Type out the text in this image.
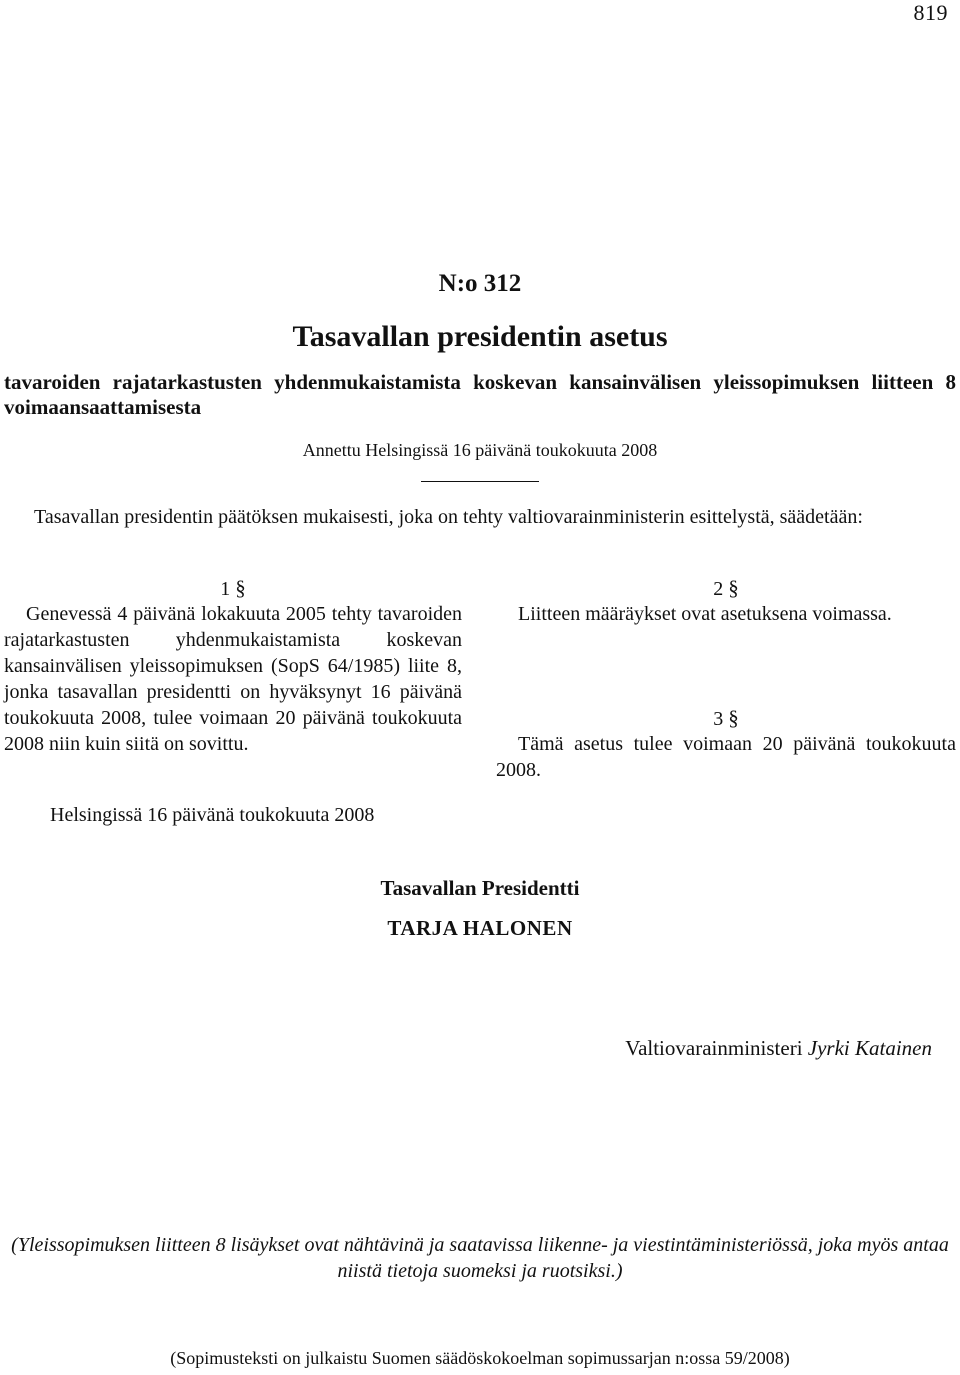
819
N:o 312
Tasavallan presidentin asetus
tavaroiden rajatarkastusten yhdenmukaistamista koskevan kansainvälisen yleissopimuksen liitteen 8 voimaansaattamisesta
Annettu Helsingissä 16 päivänä toukokuuta 2008
Tasavallan presidentin päätöksen mukaisesti, joka on tehty valtiovarainministerin esittelystä, säädetään:
1 §
Genevessä 4 päivänä lokakuuta 2005 tehty tavaroiden rajatarkastusten yhdenmukaistamista koskevan kansainvälisen yleissopimuksen (SopS 64/1985) liite 8, jonka tasavallan presidentti on hyväksynyt 16 päivänä toukokuuta 2008, tulee voimaan 20 päivänä toukokuuta 2008 niin kuin siitä on sovittu.
2 §
Liitteen määräykset ovat asetuksena voimassa.
3 §
Tämä asetus tulee voimaan 20 päivänä toukokuuta 2008.
Helsingissä 16 päivänä toukokuuta 2008
Tasavallan Presidentti
TARJA HALONEN
Valtiovarainministeri Jyrki Katainen
(Yleissopimuksen liitteen 8 lisäykset ovat nähtävinä ja saatavissa liikenne- ja viestintäministeriössä, joka myös antaa niistä tietoja suomeksi ja ruotsiksi.)
(Sopimusteksti on julkaistu Suomen säädöskokoelman sopimussarjan n:ossa 59/2008)
